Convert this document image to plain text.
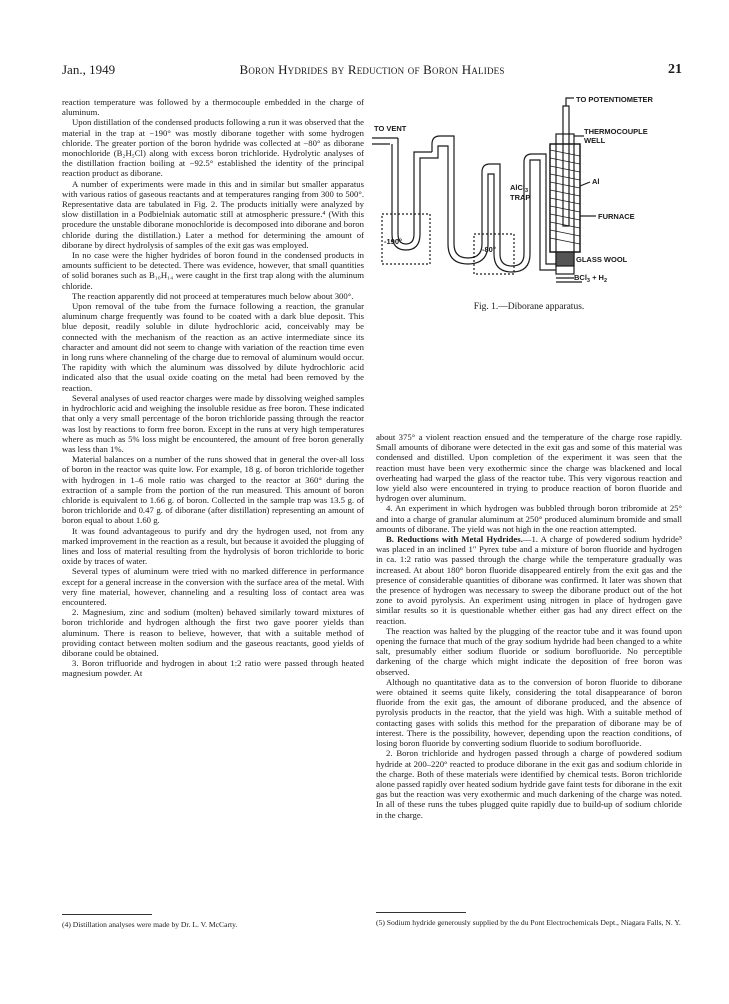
Jan., 1949	Boron Hydrides by Reduction of Boron Halides	21

reaction temperature was followed by a thermocouple embedded in the charge of aluminum.

Upon distillation of the condensed products following a run it was observed that the material in the trap at −190° was mostly diborane together with some hydrogen chloride. The greater portion of the boron hydride was collected at −80° as diborane monochloride (B₂H₅Cl) along with excess boron trichloride. Hydrolytic analyses of the distillation fraction boiling at −92.5° established the identity of the principal reaction product as diborane.

A number of experiments were made in this and in similar but smaller apparatus with various ratios of gaseous reactants and at temperatures ranging from 300 to 500°. Representative data are tabulated in Fig. 2. The products initially were analyzed by slow distillation in a Podbielniak automatic still at atmospheric pressure.⁴ (With this procedure the unstable diborane monochloride is decomposed into diborane and boron chloride during the distillation.) Later a method for determining the amount of diborane by direct hydrolysis of samples of the exit gas was employed.

In no case were the higher hydrides of boron found in the condensed products in amounts sufficient to be detected. There was evidence, however, that small quantities of solid boranes such as B₁₀H₁₄ were caught in the first trap along with the aluminum chloride.

The reaction apparently did not proceed at temperatures much below about 300°.

Upon removal of the tube from the furnace following a reaction, the granular aluminum charge frequently was found to be coated with a dark blue deposit. This blue deposit, readily soluble in dilute hydrochloric acid, conceivably may be connected with the mechanism of the reaction as an active intermediate since its character and amount did not seem to change with variation of the reaction time even in long runs where channeling of the charge due to removal of aluminum would occur. The rapidity with which the aluminum was dissolved by dilute hydrochloric acid indicated also that the usual oxide coating on the metal had been removed by the reaction.

Several analyses of used reactor charges were made by dissolving weighed samples in hydrochloric acid and weighing the insoluble residue as free boron. These indicated that only a very small percentage of the boron trichloride passing through the reactor was lost by reactions to form free boron. Except in the runs at very high temperatures where as much as 5% loss might be encountered, the amount of free boron generally was less than 1%.

Material balances on a number of the runs showed that in general the over-all loss of boron in the reactor was quite low. For example, 18 g. of boron trichloride together with hydrogen in 1–6 mole ratio was charged to the reactor at 360° during the extraction of a sample from the portion of the run measured. This amount of boron chloride is equivalent to 1.66 g. of boron. Collected in the sample trap was 13.5 g. of boron trichloride and 0.47 g. of diborane (after distillation) representing an amount of boron equal to about 1.60 g.

It was found advantageous to purify and dry the hydrogen used, not from any marked improvement in the reaction as a result, but because it avoided the plugging of lines and loss of material resulting from the hydrolysis of boron trichloride to boric oxide by traces of water.

Several types of aluminum were tried with no marked difference in performance except for a general increase in the conversion with the surface area of the metal. With very fine material, however, channeling and a resulting loss of contact area was encountered.

2. Magnesium, zinc and sodium (molten) behaved similarly toward mixtures of boron trichloride and hydrogen although the first two gave poorer yields than aluminum. There is reason to believe, however, that with a suitable method of providing contact between molten sodium and the gaseous reactants, good yields of diborane could be obtained.

3. Boron trifluoride and hydrogen in about 1:2 ratio were passed through heated magnesium powder. At

(4) Distillation analyses were made by Dr. L. V. McCarty.
TO POTENTIOMETER
TO VENT
-190°
-80°
AlCl$_3$
TRAP
THERMOCOUPLE
WELL
Al
FURNACE
GLASS WOOL
$BCl_3 + H_2$
Fig. 1.—Diborane apparatus.

about 375° a violent reaction ensued and the temperature of the charge rose rapidly. Small amounts of diborane were detected in the exit gas and some of this material was condensed and distilled. Upon completion of the experiment it was seen that the reaction must have been very exothermic since the charge was blackened and local overheating had warped the glass of the reactor tube. This very vigorous reaction and low yield also were encountered in trying to produce reaction of boron fluoride and hydrogen over aluminum.

4. An experiment in which hydrogen was bubbled through boron tribromide at 25° and into a charge of granular aluminum at 250° produced aluminum bromide and small amounts of diborane. The yield was not high in the one reaction attempted.

B. Reductions with Metal Hydrides.—1. A charge of powdered sodium hydride⁵ was placed in an inclined 1" Pyrex tube and a mixture of boron fluoride and hydrogen in ca. 1:2 ratio was passed through the charge while the temperature gradually was increased. At about 180° boron fluoride disappeared entirely from the exit gas and the presence of considerable quantities of diborane was confirmed. It later was shown that the presence of hydrogen was necessary to sweep the diborane product out of the hot zone to avoid pyrolysis. An experiment using nitrogen in place of hydrogen gave similar results so it is questionable whether either gas had any direct effect on the reaction.

The reaction was halted by the plugging of the reactor tube and it was found upon opening the furnace that much of the gray sodium hydride had been changed to a white salt, presumably either sodium fluoride or sodium borofluoride. No perceptible darkening of the charge which might indicate the deposition of free boron was observed.

Although no quantitative data as to the conversion of boron fluoride to diborane were obtained it seems quite likely, considering the total disappearance of boron fluoride from the exit gas, the amount of diborane produced, and the absence of pyrolysis products in the reactor, that the yield was high. With a suitable method of contacting gases with solids this method for the preparation of diborane may be of interest. There is the possibility, however, depending upon the reaction conditions, of losing boron fluoride by converting sodium fluoride to sodium borofluoride.

2. Boron trichloride and hydrogen passed through a charge of powdered sodium hydride at 200–220° reacted to produce diborane in the exit gas and sodium chloride in the charge. Both of these materials were identified by chemical tests. Boron trichloride alone passed rapidly over heated sodium hydride gave faint tests for diborane in the exit gas but the reaction was very exothermic and much darkening of the charge was noted. In all of these runs the tubes plugged quite rapidly due to build-up of sodium chloride in the charge.

(5) Sodium hydride generously supplied by the du Pont Electrochemicals Dept., Niagara Falls, N. Y.
